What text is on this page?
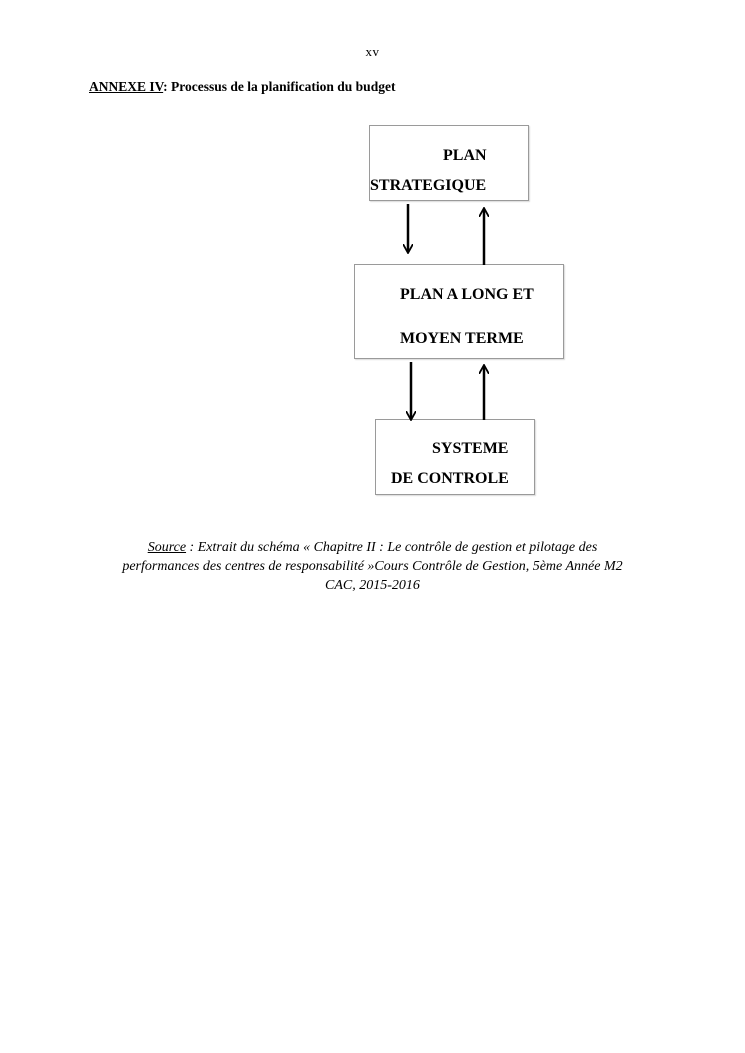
xv
ANNEXE IV: Processus de la planification du budget
PLAN
STRATEGIQUE
PLAN A LONG ET
MOYEN TERME
SYSTEME
DE CONTROLE
Source : Extrait du schéma « Chapitre II : Le contrôle de gestion et pilotage des
performances des centres de responsabilité »Cours Contrôle de Gestion, 5ème Année M2
CAC, 2015-2016
